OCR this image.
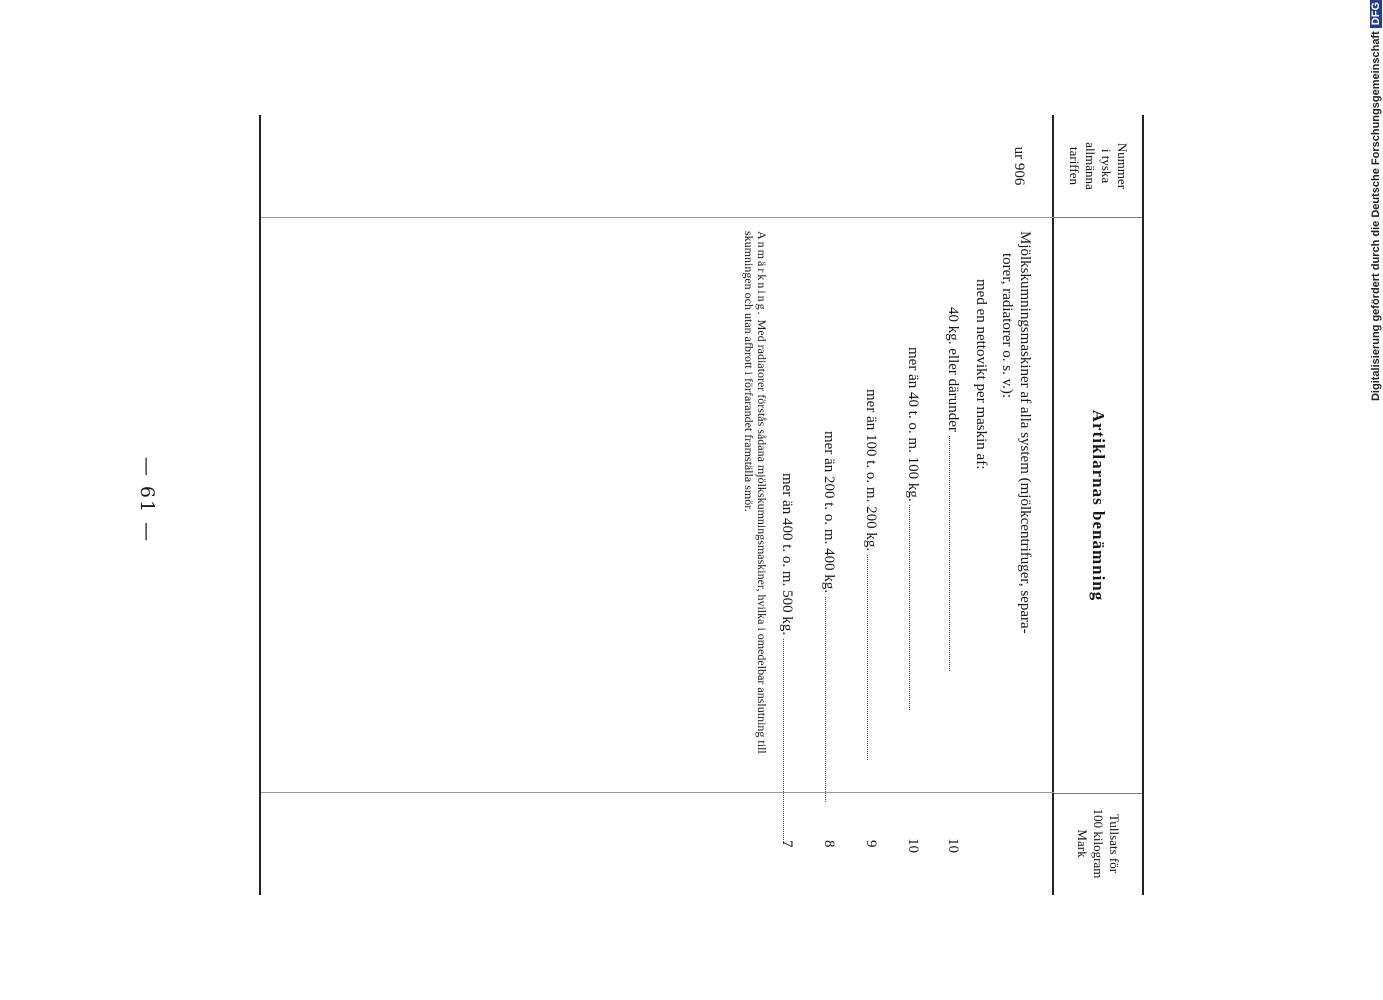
— 61 —
Digitalisierung gefördert durch die Deutsche ForschungsgemeinschaftDFG
Nummer
i tyska
allmänna
tariffen
Artiklarnas benämning
Tullsats för
100 kilogram
Mark
ur 906
Mjölkskumningsmaskiner af alla system (mjölkcentrifuger, separa-
torer, radiatorer o. s. v.):
med en nettovikt per maskin af:
40 kg. eller därunder
mer än 40 t. o. m. 100 kg.
mer än 100 t. o. m. 200 kg.
mer än 200 t. o. m. 400 kg.
mer än 400 t. o. m. 500 kg.
Anmärkning. Med radiatorer förstås sådana mjölkskumningsmaskiner, hvilka i omedelbar anslutning till skumningen och utan afbrott i förfarandet framställa smör.
10
10
9
8
7
